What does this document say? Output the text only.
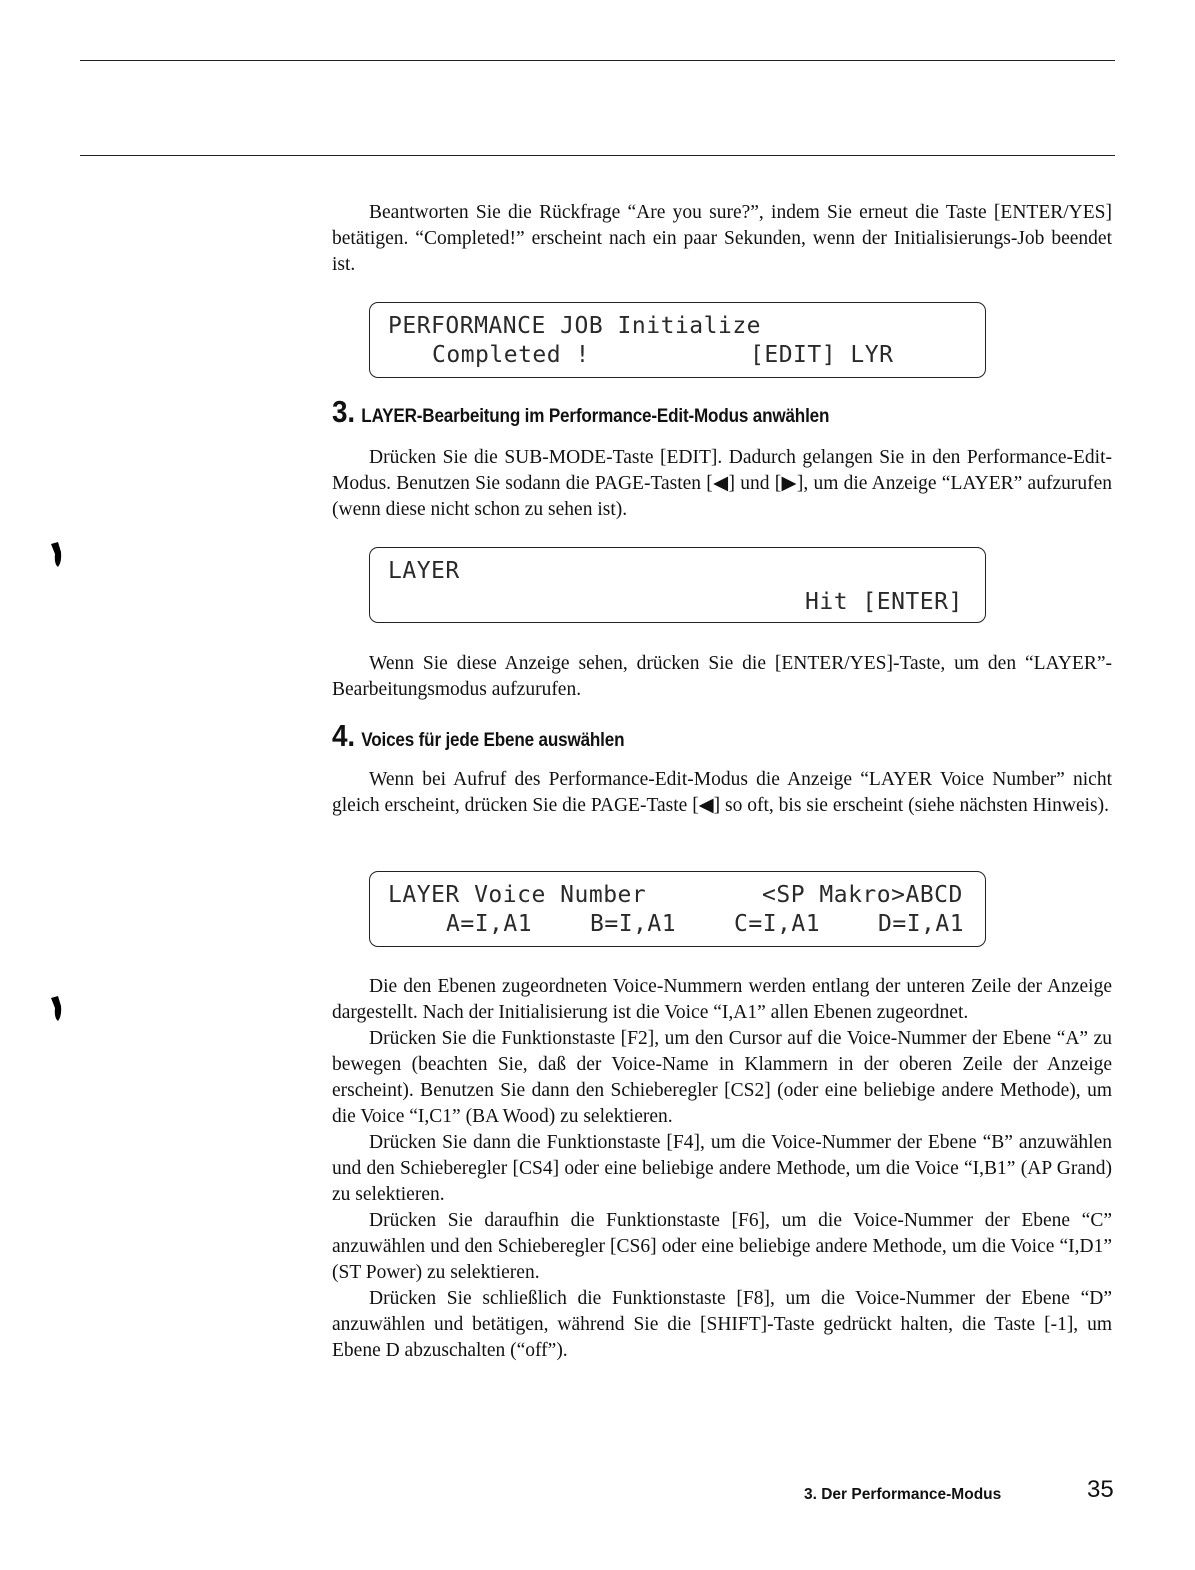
Beantworten Sie die Rückfrage “Are you sure?”, indem Sie erneut die Taste [ENTER/YES] betätigen. “Completed!” erscheint nach ein paar Sekunden, wenn der Initialisierungs-Job beendet ist.

PERFORMANCE JOB Initialize
Completed !	[EDIT] LYR
3. LAYER-Bearbeitung im Performance-Edit-Modus anwählen

Drücken Sie die SUB-MODE-Taste [EDIT]. Dadurch gelangen Sie in den Performance-Edit-Modus. Benutzen Sie sodann die PAGE-Tasten [◀] und [▶], um die Anzeige “LAYER” aufzurufen (wenn diese nicht schon zu sehen ist).

LAYER
Hit [ENTER]

Wenn Sie diese Anzeige sehen, drücken Sie die [ENTER/YES]-Taste, um den “LAYER”-Bearbeitungsmodus aufzurufen.

4. Voices für jede Ebene auswählen

Wenn bei Aufruf des Performance-Edit-Modus die Anzeige “LAYER Voice Number” nicht gleich erscheint, drücken Sie die PAGE-Taste [◀] so oft, bis sie erscheint (siehe nächsten Hinweis).

LAYER Voice Number	<SP Makro>ABCD
A=I,A1	B=I,A1	C=I,A1	D=I,A1

Die den Ebenen zugeordneten Voice-Nummern werden entlang der unteren Zeile der Anzeige dargestellt. Nach der Initialisierung ist die Voice “I,A1” allen Ebenen zugeordnet.

Drücken Sie die Funktionstaste [F2], um den Cursor auf die Voice-Nummer der Ebene “A” zu bewegen (beachten Sie, daß der Voice-Name in Klammern in der oberen Zeile der Anzeige erscheint). Benutzen Sie dann den Schieberegler [CS2] (oder eine beliebige andere Methode), um die Voice “I,C1” (BA Wood) zu selektieren.

Drücken Sie dann die Funktionstaste [F4], um die Voice-Nummer der Ebene “B” anzuwählen und den Schieberegler [CS4] oder eine beliebige andere Methode, um die Voice “I,B1” (AP Grand) zu selektieren.

Drücken Sie daraufhin die Funktionstaste [F6], um die Voice-Nummer der Ebene “C” anzuwählen und den Schieberegler [CS6] oder eine beliebige andere Methode, um die Voice “I,D1” (ST Power) zu selektieren.

Drücken Sie schließlich die Funktionstaste [F8], um die Voice-Nummer der Ebene “D” anzuwählen und betätigen, während Sie die [SHIFT]-Taste gedrückt halten, die Taste [-1], um Ebene D abzuschalten (“off”).

3. Der Performance-Modus	35
